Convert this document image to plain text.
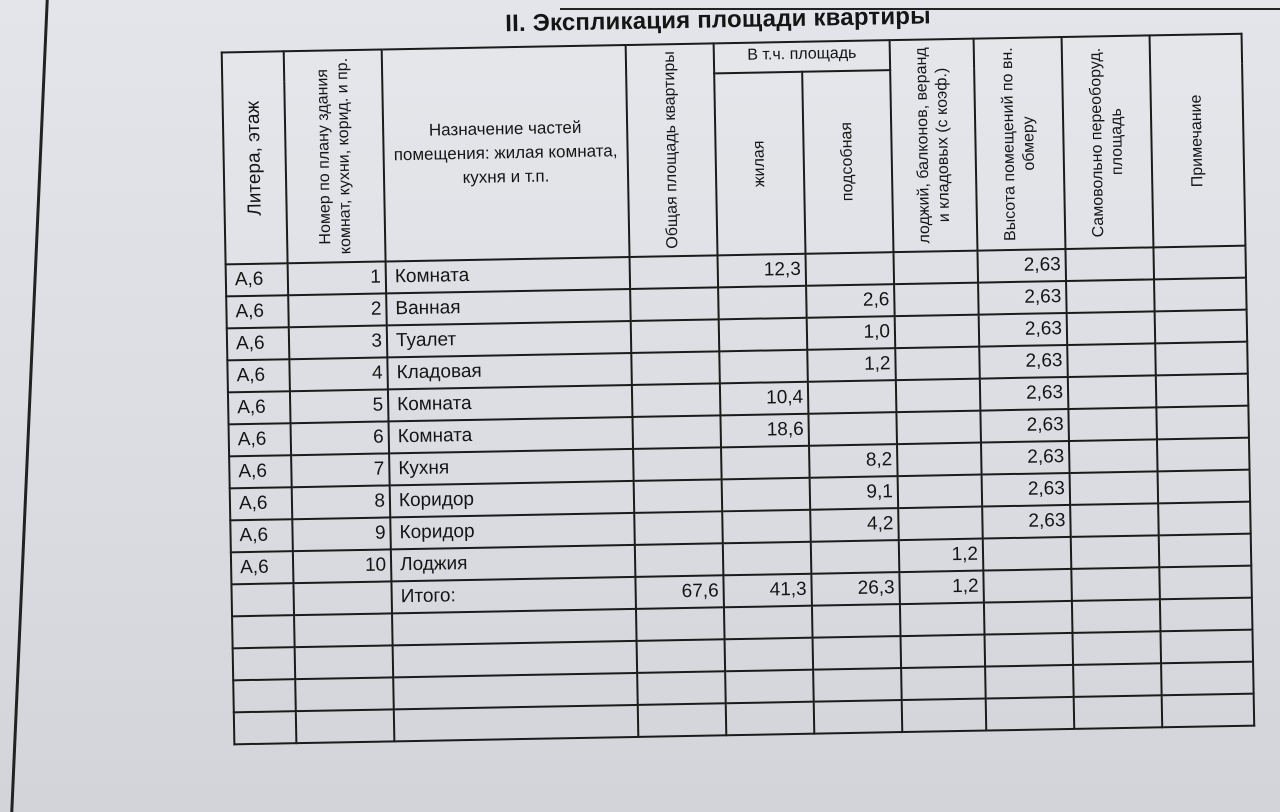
II. Экспликация площади квартиры
Литера, этаж	Номер по плану здания комнат, кухни, корид. и пр.	Назначение частей помещения: жилая комната, кухня и т.п.	Общая площадь квартиры	В т.ч. площадь		лоджий, балконов, веранд и кладовых (с коэф.)	Высота помещений по вн. обмеру	Самовольно переоборуд. площадь	Примечание

				жилая	подсобная				

А,6	1	Комната		12,3			2,63		
А,6	2	Ванная			2,6		2,63		
А,6	3	Туалет			1,0		2,63		
А,6	4	Кладовая			1,2		2,63		
А,6	5	Комната		10,4			2,63		
А,6	6	Комната		18,6			2,63		
А,6	7	Кухня			8,2		2,63		
А,6	8	Коридор			9,1		2,63		
А,6	9	Коридор			4,2		2,63		
А,6	10	Лоджия				1,2			
		Итого:	67,6	41,3	26,3	1,2			
